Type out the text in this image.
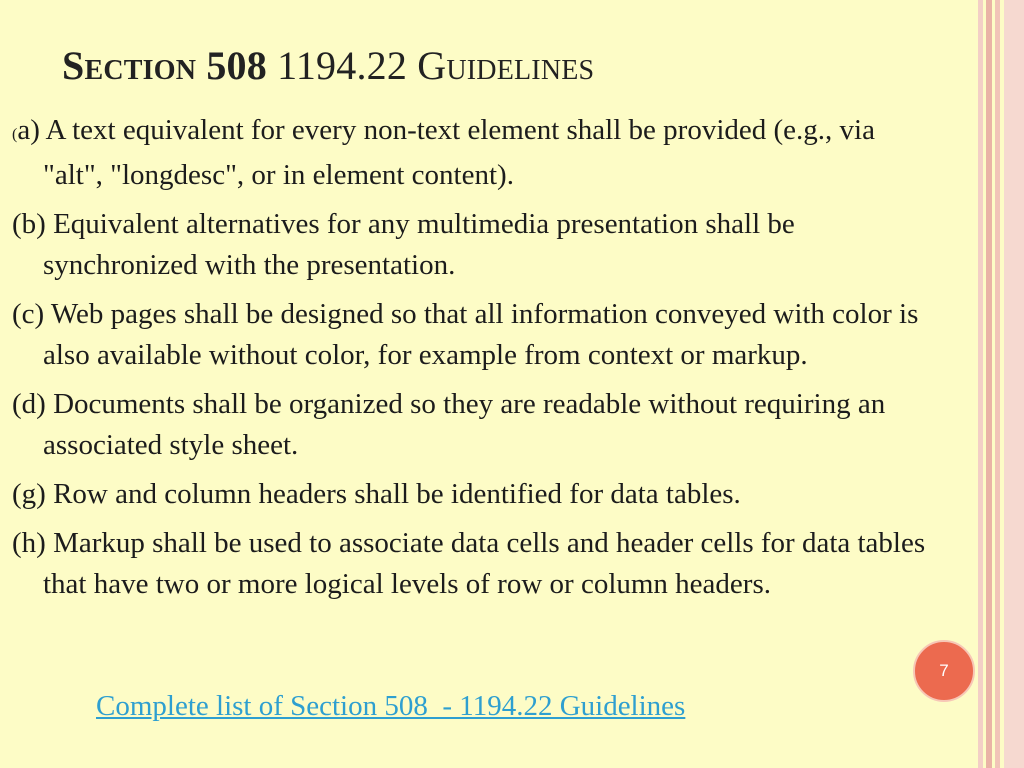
Section 508 1194.22 Guidelines

(a) A text equivalent for every non-text element shall be provided (e.g., via "alt", "longdesc", or in element content).

(b) Equivalent alternatives for any multimedia presentation shall be synchronized with the presentation.

(c) Web pages shall be designed so that all information conveyed with color is also available without color, for example from context or markup.

(d) Documents shall be organized so they are readable without requiring an associated style sheet.

(g) Row and column headers shall be identified for data tables.

(h) Markup shall be used to associate data cells and header cells for data tables that have two or more logical levels of row or column headers.

Complete list of Section 508  - 1194.22 Guidelines
7
